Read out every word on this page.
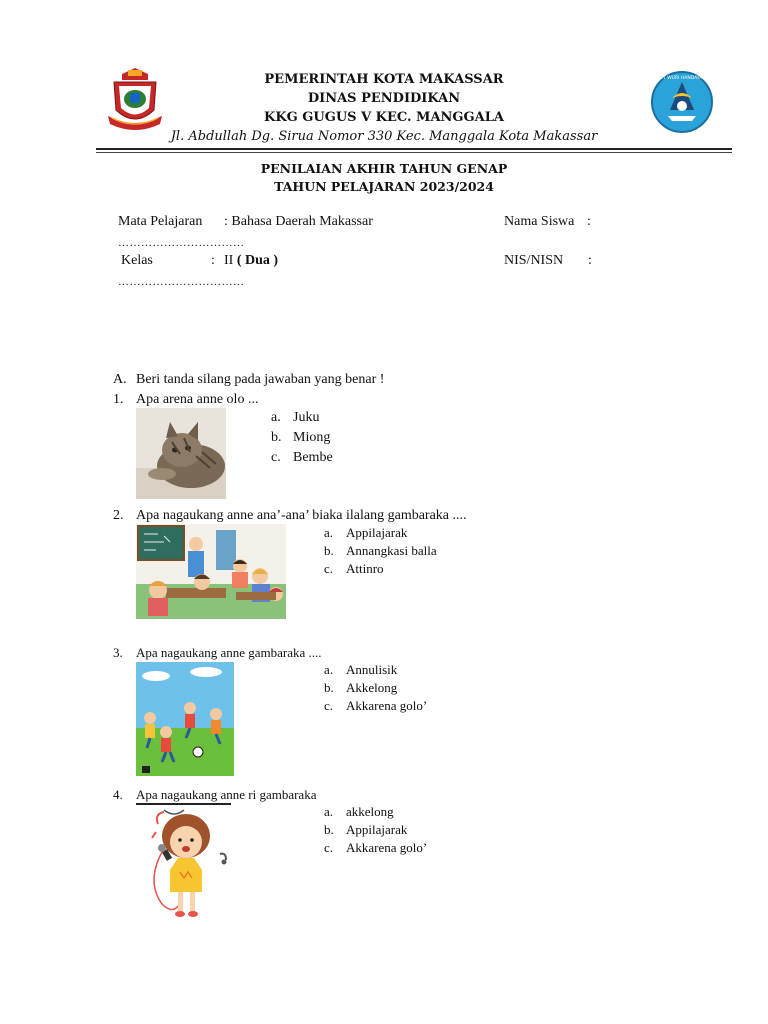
TUT WURI HANDAYANI
PEMERINTAH KOTA MAKASSAR
DINAS PENDIDIKAN
KKG GUGUS V KEC. MANGGALA
Jl. Abdullah Dg. Sirua Nomor 330 Kec. Manggala Kota Makassar
PENILAIAN AKHIR TAHUN GENAP
TAHUN PELAJARAN 2023/2024
Mata Pelajaran : Bahasa Daerah Makassar	Nama Siswa :
……………………………
Kelas	: II ( Dua )	NIS/NISN :
……………………………
A. Beri tanda silang pada jawaban yang benar !
1. Apa arena anne olo ...
a. Juku
b. Miong
c. Bembe
2. Apa nagaukang anne ana’-ana’ biaka ilalang gambaraka ....
a. Appilajarak
b. Annangkasi balla
c. Attinro
3. Apa nagaukang anne gambaraka ....
a. Annulisik
b. Akkelong
c. Akkarena golo’
4. Apa nagaukang anne ri gambaraka
a. akkelong
b. Appilajarak
c. Akkarena golo’
